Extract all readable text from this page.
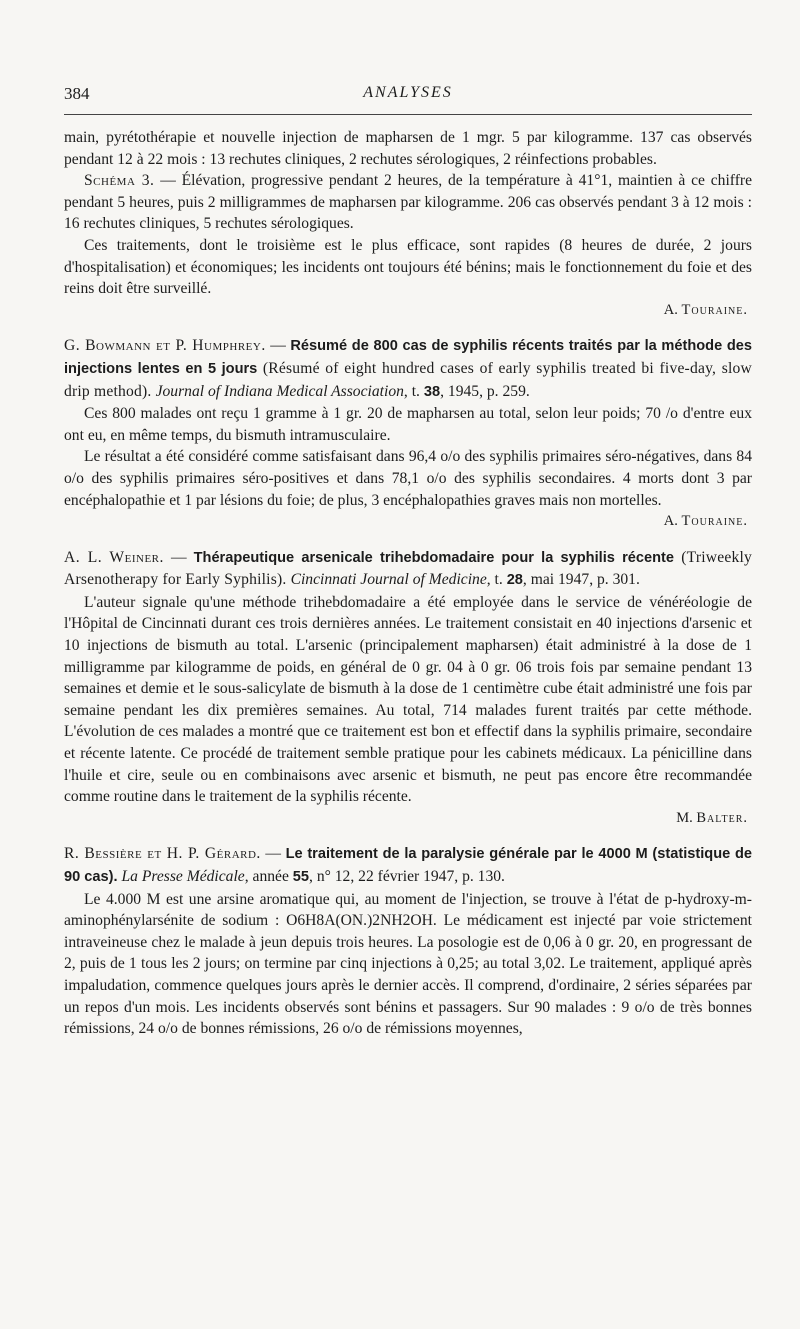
384	ANALYSES

main, pyrétothérapie et nouvelle injection de mapharsen de 1 mgr. 5 par kilogramme. 137 cas observés pendant 12 à 22 mois : 13 rechutes cliniques, 2 rechutes sérologiques, 2 réinfections probables.

Schéma 3. — Élévation, progressive pendant 2 heures, de la température à 41°1, maintien à ce chiffre pendant 5 heures, puis 2 milligrammes de mapharsen par kilogramme. 206 cas observés pendant 3 à 12 mois : 16 rechutes cliniques, 5 rechutes sérologiques.

Ces traitements, dont le troisième est le plus efficace, sont rapides (8 heures de durée, 2 jours d'hospitalisation) et économiques; les incidents ont toujours été bénins; mais le fonctionnement du foie et des reins doit être surveillé.

A. Touraine.

G. Bowmann et P. Humphrey. — Résumé de 800 cas de syphilis récents traités par la méthode des injections lentes en 5 jours (Résumé of eight hundred cases of early syphilis treated bi five-day, slow drip method). Journal of Indiana Medical Association, t. 38, 1945, p. 259.

Ces 800 malades ont reçu 1 gramme à 1 gr. 20 de mapharsen au total, selon leur poids; 70 /o d'entre eux ont eu, en même temps, du bismuth intramusculaire.

Le résultat a été considéré comme satisfaisant dans 96,4 o/o des syphilis primaires séro-négatives, dans 84 o/o des syphilis primaires séro-positives et dans 78,1 o/o des syphilis secondaires. 4 morts dont 3 par encéphalopathie et 1 par lésions du foie; de plus, 3 encéphalopathies graves mais non mortelles.

A. Touraine.

A. L. Weiner. — Thérapeutique arsenicale trihebdomadaire pour la syphilis récente (Triweekly Arsenotherapy for Early Syphilis). Cincinnati Journal of Medicine, t. 28, mai 1947, p. 301.

L'auteur signale qu'une méthode trihebdomadaire a été employée dans le service de vénéréologie de l'Hôpital de Cincinnati durant ces trois dernières années. Le traitement consistait en 40 injections d'arsenic et 10 injections de bismuth au total. L'arsenic (principalement mapharsen) était administré à la dose de 1 milligramme par kilogramme de poids, en général de 0 gr. 04 à 0 gr. 06 trois fois par semaine pendant 13 semaines et demie et le sous-salicylate de bismuth à la dose de 1 centimètre cube était administré une fois par semaine pendant les dix premières semaines. Au total, 714 malades furent traités par cette méthode. L'évolution de ces malades a montré que ce traitement est bon et effectif dans la syphilis primaire, secondaire et récente latente. Ce procédé de traitement semble pratique pour les cabinets médicaux. La pénicilline dans l'huile et cire, seule ou en combinaisons avec arsenic et bismuth, ne peut pas encore être recommandée comme routine dans le traitement de la syphilis récente.

M. Balter.

R. Bessière et H. P. Gérard. — Le traitement de la paralysie générale par le 4000 M (statistique de 90 cas). La Presse Médicale, année 55, n° 12, 22 février 1947, p. 130.

Le 4.000 M est une arsine aromatique qui, au moment de l'injection, se trouve à l'état de p-hydroxy-m-aminophénylarsénite de sodium : O6H8A(ON.)2NH2OH. Le médicament est injecté par voie strictement intraveineuse chez le malade à jeun depuis trois heures. La posologie est de 0,06 à 0 gr. 20, en progressant de 2, puis de 1 tous les 2 jours; on termine par cinq injections à 0,25; au total 3,02. Le traitement, appliqué après impaludation, commence quelques jours après le dernier accès. Il comprend, d'ordinaire, 2 séries séparées par un repos d'un mois. Les incidents observés sont bénins et passagers. Sur 90 malades : 9 o/o de très bonnes rémissions, 24 o/o de bonnes rémissions, 26 o/o de rémissions moyennes,
